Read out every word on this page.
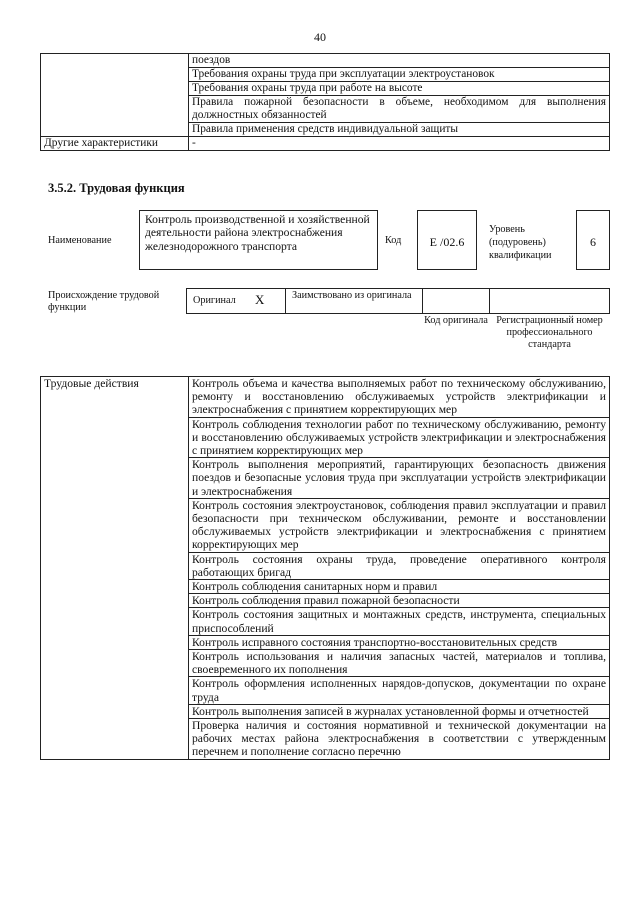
40
	поездов
	Требования охраны труда при эксплуатации электроустановок
	Требования охраны труда при работе на высоте
	Правила пожарной безопасности в объеме, необходимом для выполнения должностных обязанностей
	Правила применения средств индивидуальной защиты
Другие характеристики	-
3.5.2. Трудовая функция
Наименование
Контроль производственной и хозяйственной деятельности района электроснабжения железнодорожного транспорта	Код	Е /02.6
Уровень (подуровень) квалификации
6
Происхождение трудовой функции
Оригинал X	Заимствовано из оригинала
Код оригинала Регистрационный номер профессионального стандарта
Трудовые действия	Контроль объема и качества выполняемых работ по техническому обслуживанию, ремонту и восстановлению обслуживаемых устройств электрификации и электроснабжения с принятием корректирующих мер
Контроль соблюдения технологии работ по техническому обслуживанию, ремонту и восстановлению обслуживаемых устройств электрификации и электроснабжения с принятием корректирующих мер
Контроль выполнения мероприятий, гарантирующих безопасность движения поездов и безопасные условия труда при эксплуатации устройств электрификации и электроснабжения
Контроль состояния электроустановок, соблюдения правил эксплуатации и правил безопасности при техническом обслуживании, ремонте и восстановлении обслуживаемых устройств электрификации и электроснабжения с принятием корректирующих мер
Контроль состояния охраны труда, проведение оперативного контроля работающих бригад
Контроль соблюдения санитарных норм и правил
Контроль соблюдения правил пожарной безопасности
Контроль состояния защитных и монтажных средств, инструмента, специальных приспособлений
Контроль исправного состояния транспортно-восстановительных средств
Контроль использования и наличия запасных частей, материалов и топлива, своевременного их пополнения
Контроль оформления исполненных нарядов-допусков, документации по охране труда
Контроль выполнения записей в журналах установленной формы и отчетностей
Проверка наличия и состояния нормативной и технической документации на рабочих местах района электроснабжения в соответствии с утвержденным перечнем и пополнение согласно перечню
